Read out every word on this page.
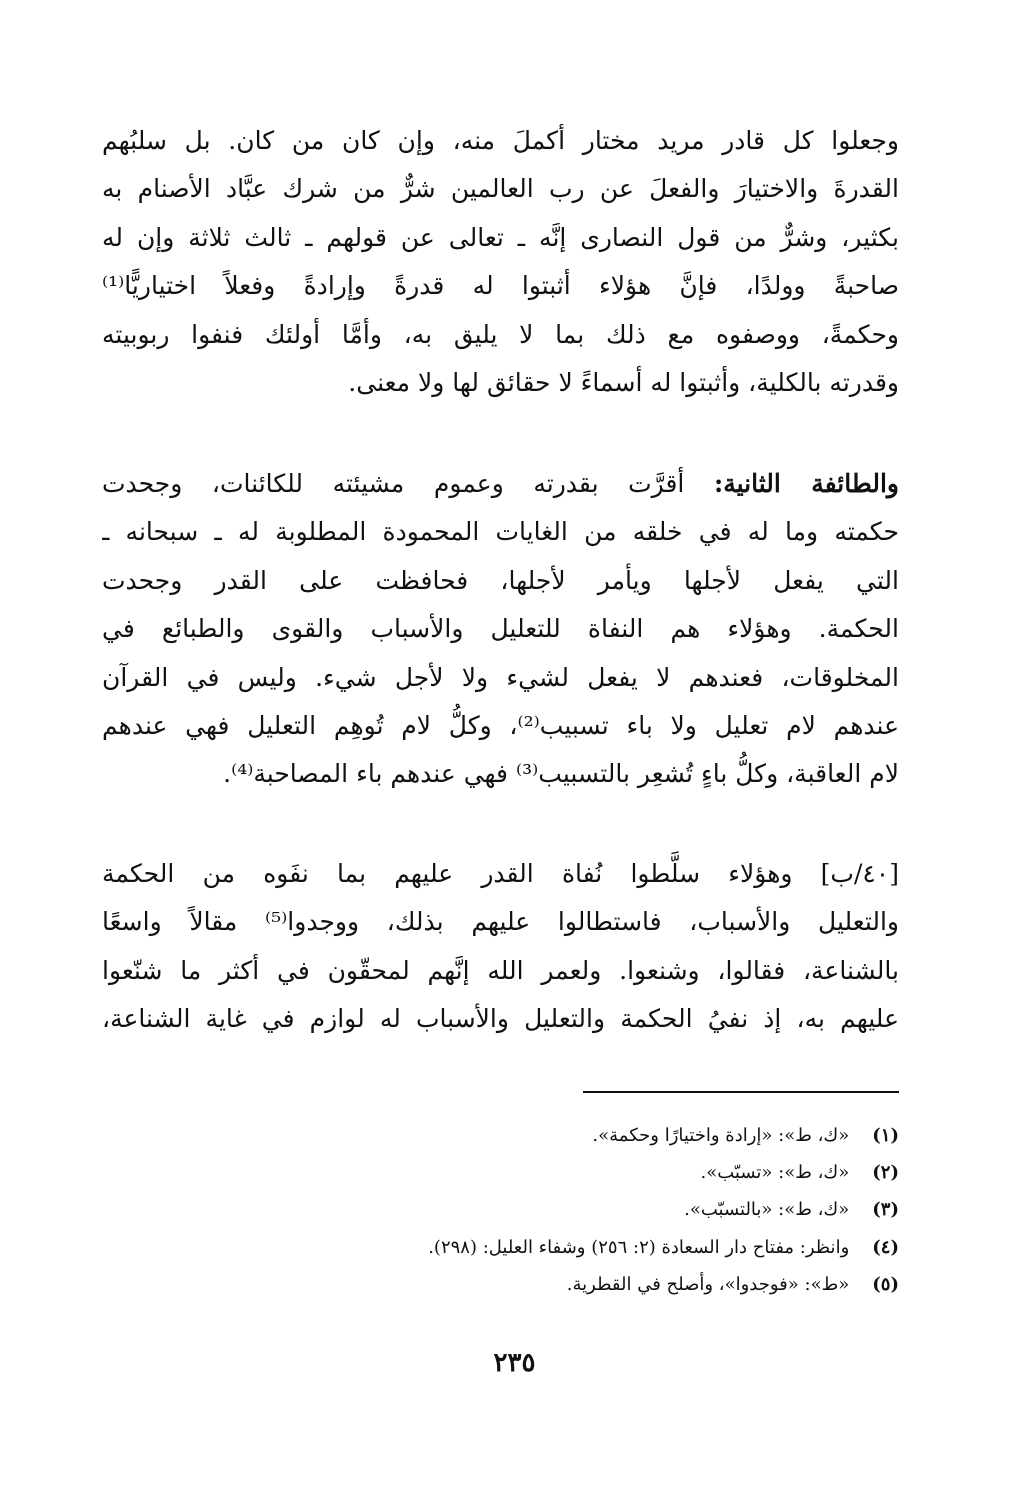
وجعلوا كل قادر مريد مختار أكملَ منه، وإن كان من كان. بل سلبُهم
القدرةَ والاختيارَ والفعلَ عن رب العالمين شرٌّ من شرك عبَّاد الأصنام به
بكثير، وشرٌّ من قول النصارى إنَّه ـ تعالى عن قولهم ـ ثالث ثلاثة وإن له
صاحبةً وولدًا، فإنَّ هؤلاء أثبتوا له قدرةً وإرادةً وفعلاً اختياريًّا⁽¹⁾
وحكمةً، ووصفوه مع ذلك بما لا يليق به، وأمَّا أولئك فنفوا ربوبيته
وقدرته بالكلية، وأثبتوا له أسماءً لا حقائق لها ولا معنى.
والطائفة الثانية: أقرَّت بقدرته وعموم مشيئته للكائنات، وجحدت
حكمته وما له في خلقه من الغايات المحمودة المطلوبة له ـ سبحانه ـ
التي يفعل لأجلها ويأمر لأجلها، فحافظت على القدر وجحدت
الحكمة. وهؤلاء هم النفاة للتعليل والأسباب والقوى والطبائع في
المخلوقات، فعندهم لا يفعل لشيء ولا لأجل شيء. وليس في القرآن
عندهم لام تعليل ولا باء تسبيب⁽²⁾، وكلُّ لام تُوهِم التعليل فهي عندهم
لام العاقبة، وكلُّ باءٍ تُشعِر بالتسبيب⁽³⁾ فهي عندهم باء المصاحبة⁽⁴⁾.
[٤٠/ب] وهؤلاء سلَّطوا نُفاة القدر عليهم بما نفَوه من الحكمة
والتعليل والأسباب، فاستطالوا عليهم بذلك، ووجدوا⁽⁵⁾ مقالاً واسعًا
بالشناعة، فقالوا، وشنعوا. ولعمر الله إنَّهم لمحقّون في أكثر ما شنّعوا
عليهم به، إذ نفيُ الحكمة والتعليل والأسباب له لوازم في غاية الشناعة،
(١) «ك، ط»: «إرادة واختيارًا وحكمة».
(٢) «ك، ط»: «تسبّب».
(٣) «ك، ط»: «بالتسبّب».
(٤) وانظر: مفتاح دار السعادة (٢: ٢٥٦) وشفاء العليل: (٢٩٨).
(٥) «ط»: «فوجدوا»، وأصلح في القطرية.
٢٣٥
